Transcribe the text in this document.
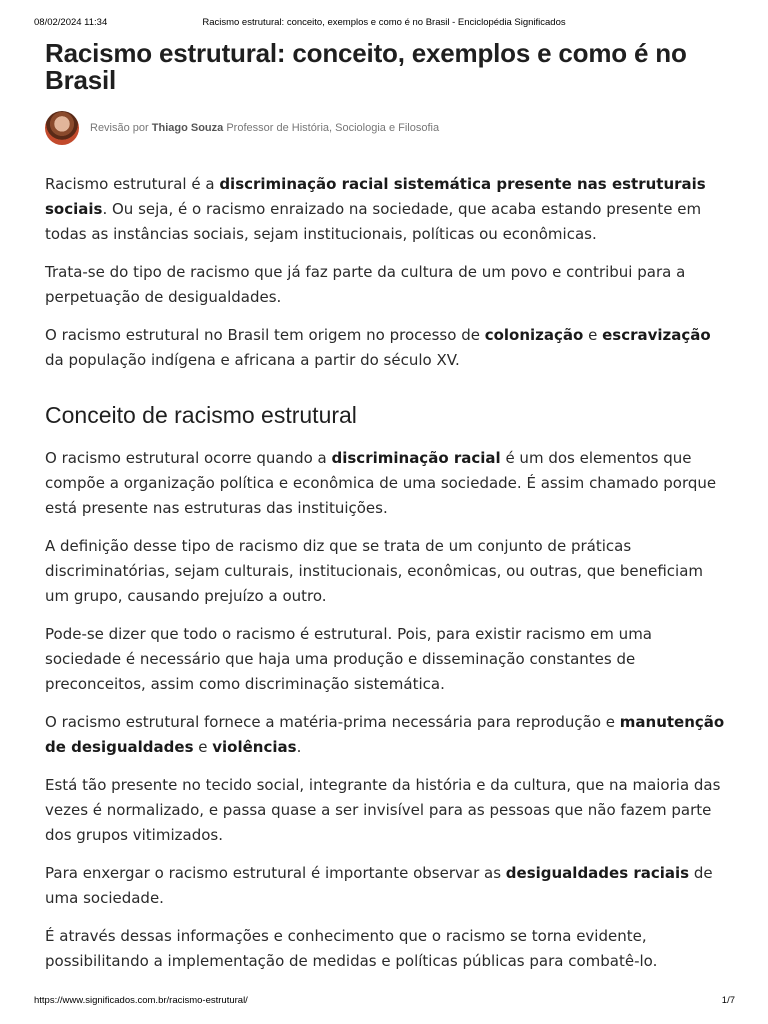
08/02/2024 11:34	Racismo estrutural: conceito, exemplos e como é no Brasil - Enciclopédia Significados
Racismo estrutural: conceito, exemplos e como é no Brasil
Revisão por Thiago Souza Professor de História, Sociologia e Filosofia

Racismo estrutural é a discriminação racial sistemática presente nas estruturais sociais. Ou seja, é o racismo enraizado na sociedade, que acaba estando presente em todas as instâncias sociais, sejam institucionais, políticas ou econômicas.

Trata-se do tipo de racismo que já faz parte da cultura de um povo e contribui para a perpetuação de desigualdades.

O racismo estrutural no Brasil tem origem no processo de colonização e escravização da população indígena e africana a partir do século XV.

Conceito de racismo estrutural

O racismo estrutural ocorre quando a discriminação racial é um dos elementos que compõe a organização política e econômica de uma sociedade. É assim chamado porque está presente nas estruturas das instituições.

A definição desse tipo de racismo diz que se trata de um conjunto de práticas discriminatórias, sejam culturais, institucionais, econômicas, ou outras, que beneficiam um grupo, causando prejuízo a outro.

Pode-se dizer que todo o racismo é estrutural. Pois, para existir racismo em uma sociedade é necessário que haja uma produção e disseminação constantes de preconceitos, assim como discriminação sistemática.

O racismo estrutural fornece a matéria-prima necessária para reprodução e manutenção de desigualdades e violências.

Está tão presente no tecido social, integrante da história e da cultura, que na maioria das vezes é normalizado, e passa quase a ser invisível para as pessoas que não fazem parte dos grupos vitimizados.

Para enxergar o racismo estrutural é importante observar as desigualdades raciais de uma sociedade.

É através dessas informações e conhecimento que o racismo se torna evidente, possibilitando a implementação de medidas e políticas públicas para combatê-lo.

https://www.significados.com.br/racismo-estrutural/	1/7
